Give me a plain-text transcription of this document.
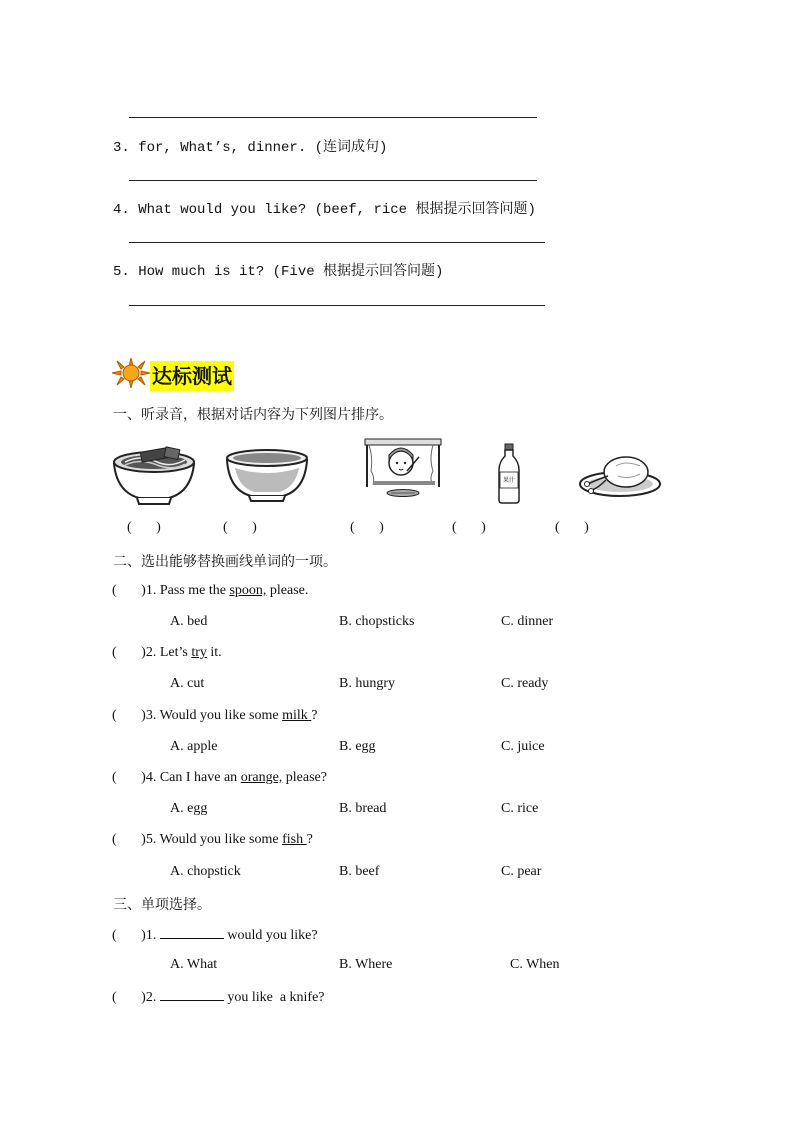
3. for, What’s, dinner. (连词成句)
4. What would you like? (beef, rice 根据提示回答问题)
5. How much is it? (Five 根据提示回答问题)
达标测试
一、听录音，根据对话内容为下列图片排序。
果汁
(       )	(       )	(       )	(       )	(       )
二、选出能够替换画线单词的一项。
(       )1. Pass me the spoon, please.
A. bed	B. chopsticks	C. dinner
(       )2. Let’s try it.
A. cut	B. hungry	C. ready
(       )3. Would you like some milk ?
A. apple	B. egg	C. juice
(       )4. Can I have an orange, please?
A. egg	B. bread	C. rice
(       )5. Would you like some fish ?
A. chopstick	B. beef	C. pear
三、单项选择。
(       )1.	would you like?
A. What	B. Where	C. When
(       )2.	you like  a knife?
